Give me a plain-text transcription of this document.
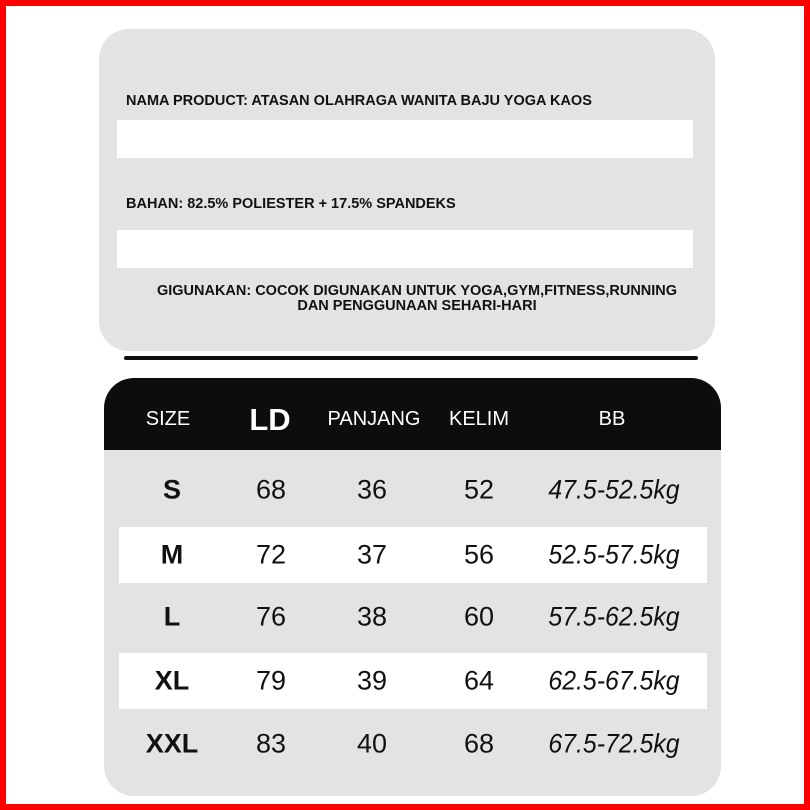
NAMA PRODUCT: ATASAN OLAHRAGA WANITA BAJU YOGA KAOS
BAHAN: 82.5% POLIESTER + 17.5% SPANDEKS
GIGUNAKAN: COCOK DIGUNAKAN UNTUK YOGA,GYM,FITNESS,RUNNING
DAN PENGGUNAAN SEHARI-HARI
SIZE LD PANJANG KELIM	BB
S	68	36	52 47.5-52.5kg
M	72	37	56 52.5-57.5kg
L	76	38	60 57.5-62.5kg
XL 79	39	64 62.5-67.5kg
XXL 83	40	68 67.5-72.5kg
